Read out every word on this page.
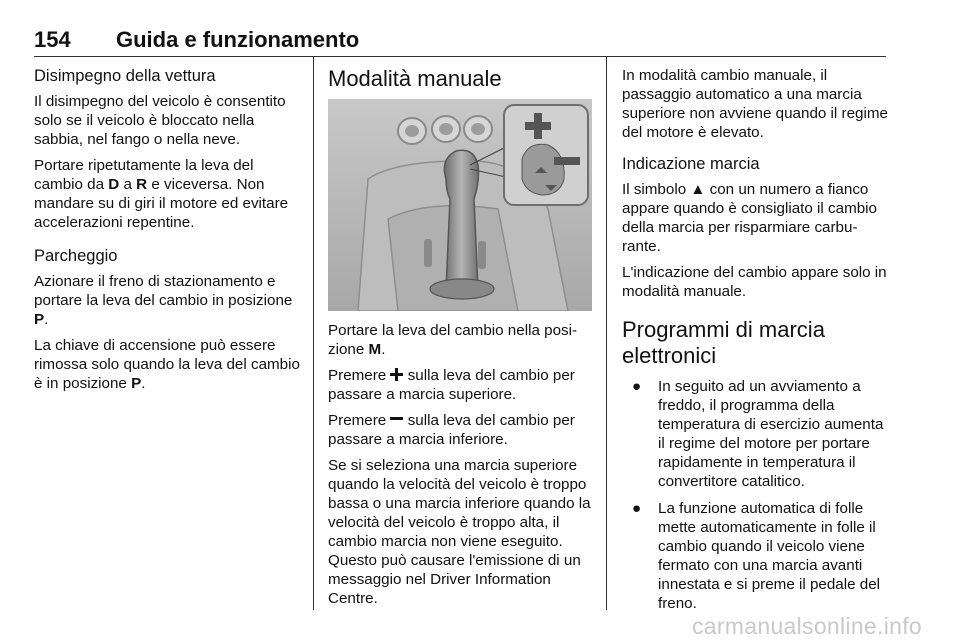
154 Guida e funzionamento
Disimpegno della vettura

Il disimpegno del veicolo è consentito solo se il veicolo è bloccato nella sabbia, nel fango o nella neve.

Portare ripetutamente la leva del cambio da D a R e viceversa. Non mandare su di giri il motore ed evitare accelerazioni repentine.

Parcheggio

Azionare il freno di stazionamento e portare la leva del cambio in posizione P.

La chiave di accensione può essere rimossa solo quando la leva del cambio è in posizione P.

Modalità manuale

Portare la leva del cambio nella posizione M.

Premere  sulla leva del cambio per passare a marcia superiore.

Premere  sulla leva del cambio per passare a marcia inferiore.

Se si seleziona una marcia superiore quando la velocità del veicolo è troppo bassa o una marcia inferiore quando la velocità del veicolo è troppo alta, il cambio marcia non viene eseguito. Questo può causare l'emissione di un messaggio nel Driver Information Centre.

In modalità cambio manuale, il passaggio automatico a una marcia superiore non avviene quando il regime del motore è elevato.

Indicazione marcia

Il simbolo ▲ con un numero a fianco appare quando è consigliato il cambio della marcia per risparmiare carburante.

L'indicazione del cambio appare solo in modalità manuale.

Programmi di marcia elettronici
● In seguito ad un avviamento a freddo, il programma della temperatura di esercizio aumenta il regime del motore per portare rapidamente in temperatura il convertitore catalitico.
● La funzione automatica di folle mette automaticamente in folle il cambio quando il veicolo viene fermato con una marcia avanti innestata e si preme il pedale del freno.
carmanualsonline.info
